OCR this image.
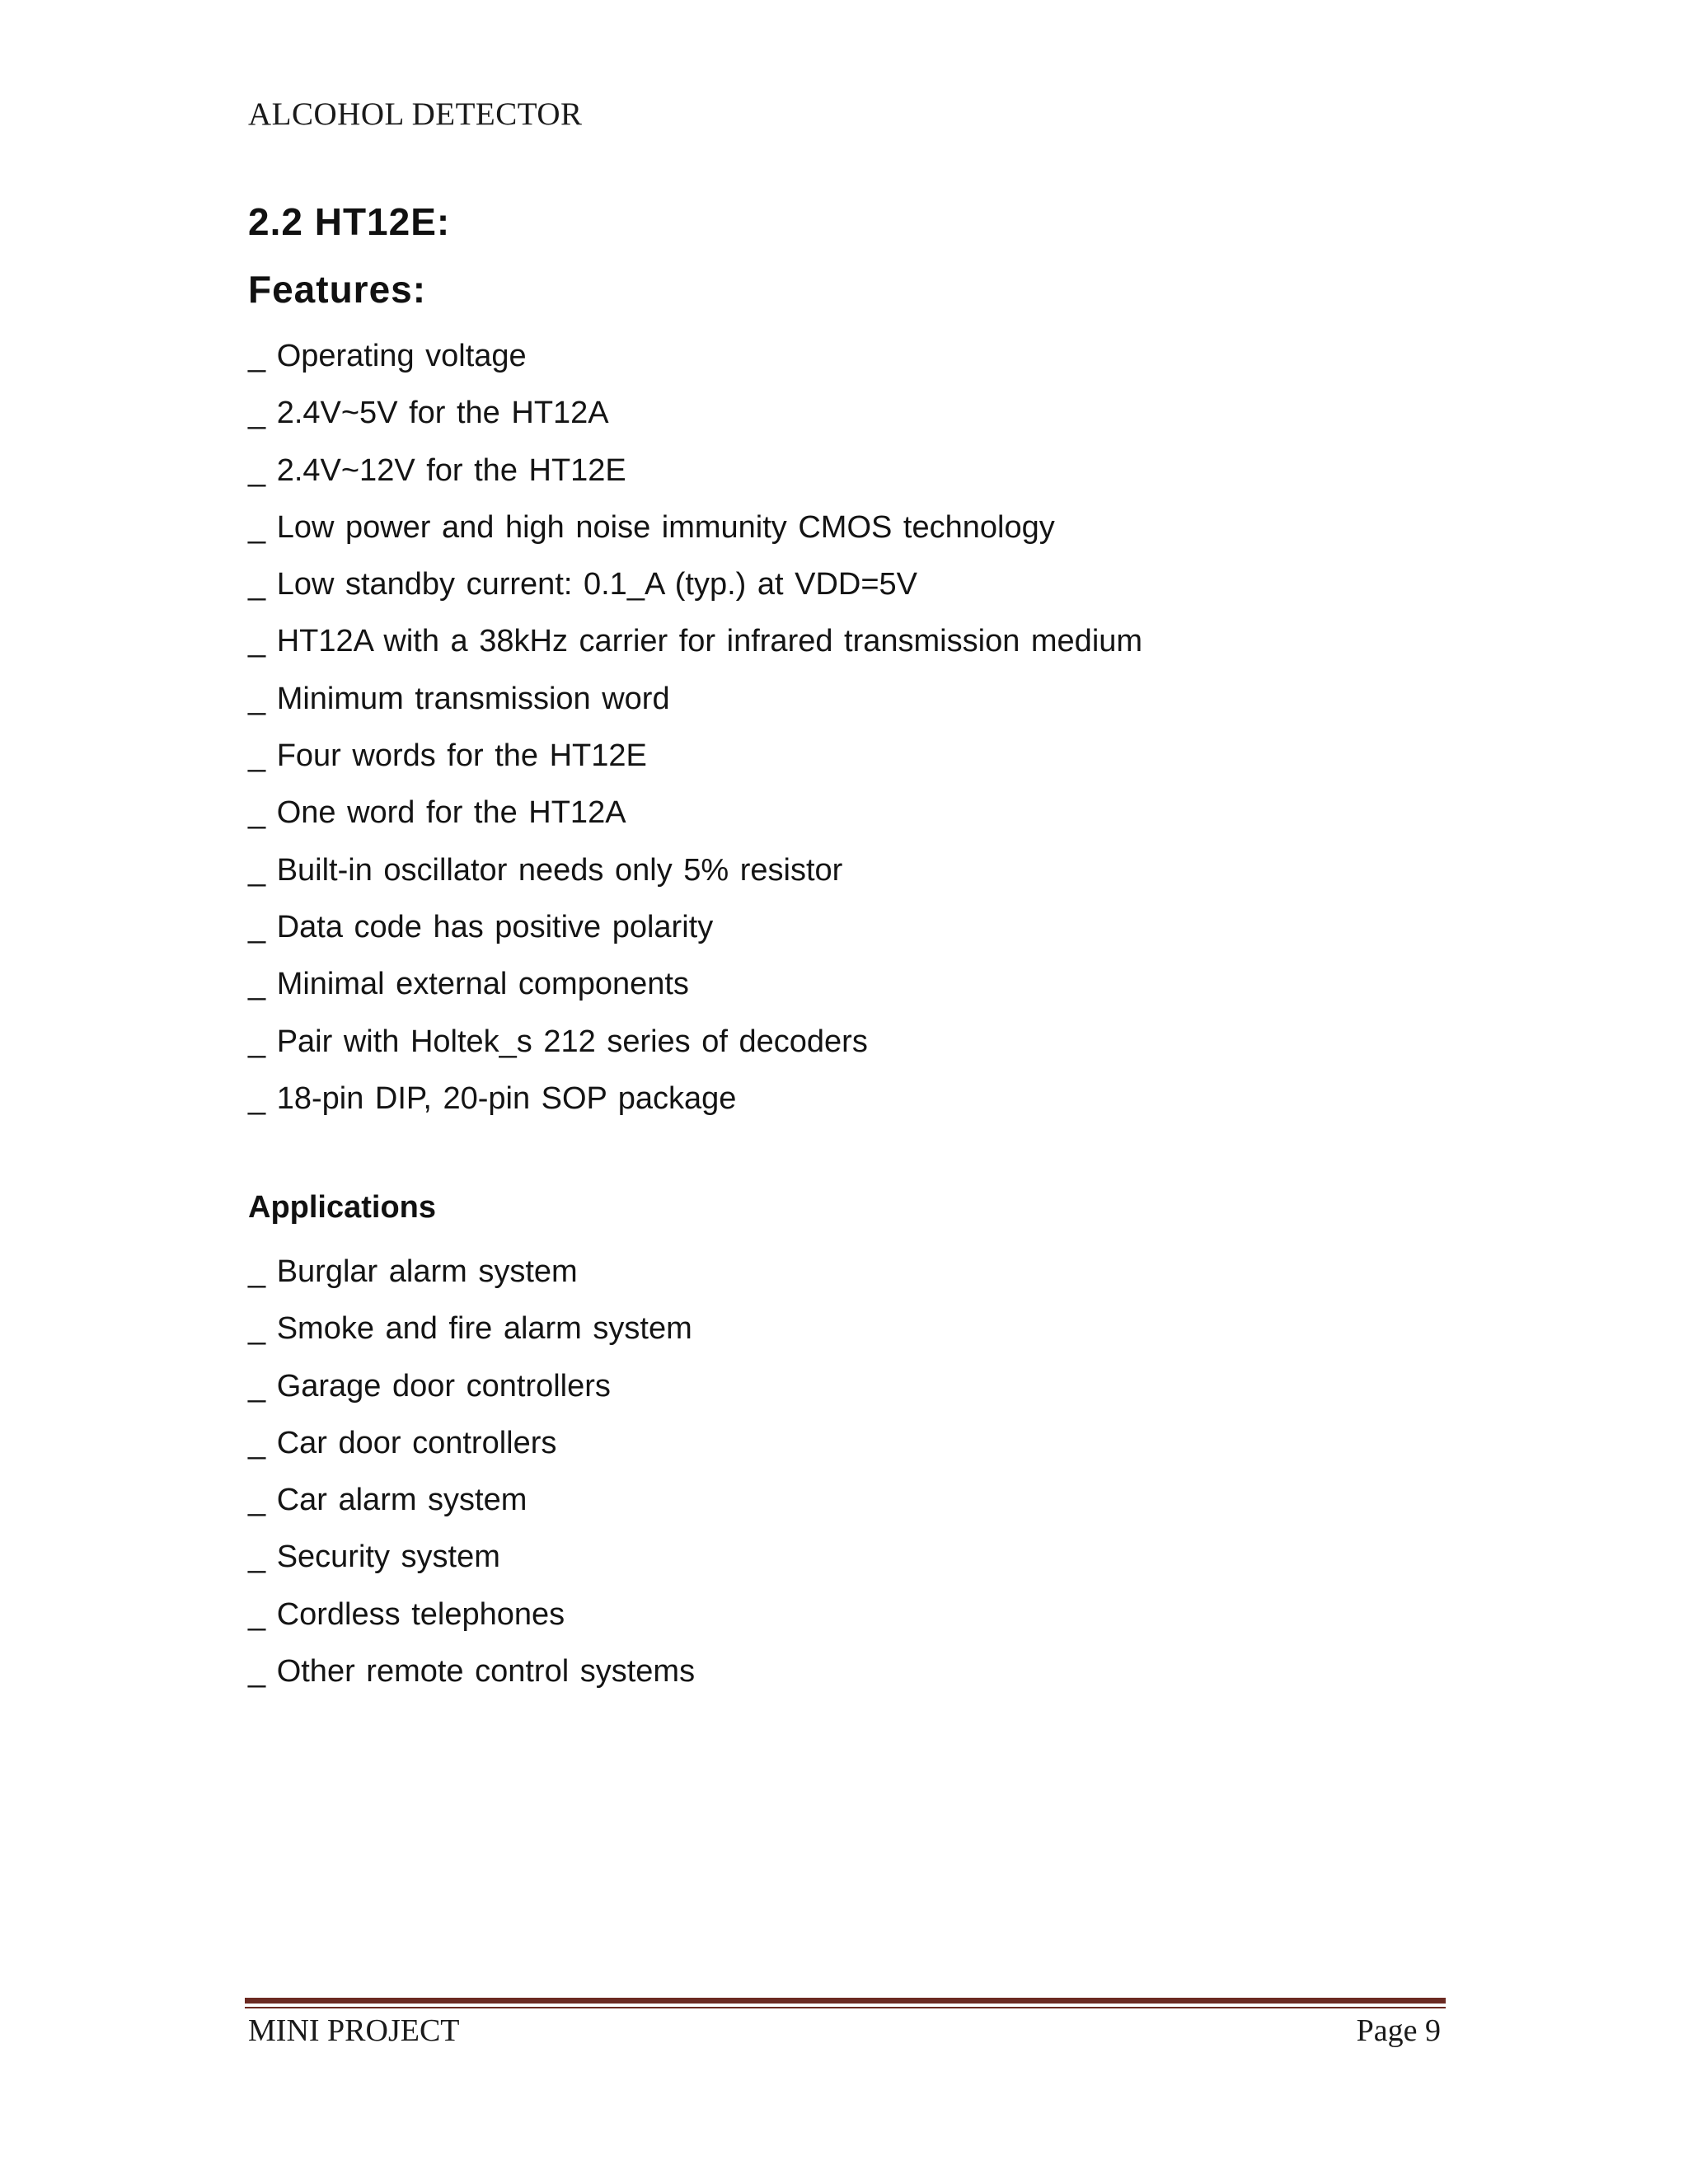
ALCOHOL DETECTOR
2.2 HT12E:
Features:
_ Operating voltage
_ 2.4V~5V for the HT12A
_ 2.4V~12V for the HT12E
_ Low power and high noise immunity CMOS technology
_ Low standby current: 0.1_A (typ.) at VDD=5V
_ HT12A with a 38kHz carrier for infrared transmission medium
_ Minimum transmission word
_ Four words for the HT12E
_ One word for the HT12A
_ Built-in oscillator needs only 5% resistor
_ Data code has positive polarity
_ Minimal external components
_ Pair with Holtek_s 212 series of decoders
_ 18-pin DIP, 20-pin SOP package
Applications
_ Burglar alarm system
_ Smoke and fire alarm system
_ Garage door controllers
_ Car door controllers
_ Car alarm system
_ Security system
_ Cordless telephones
_ Other remote control systems
MINI PROJECT	Page 9
